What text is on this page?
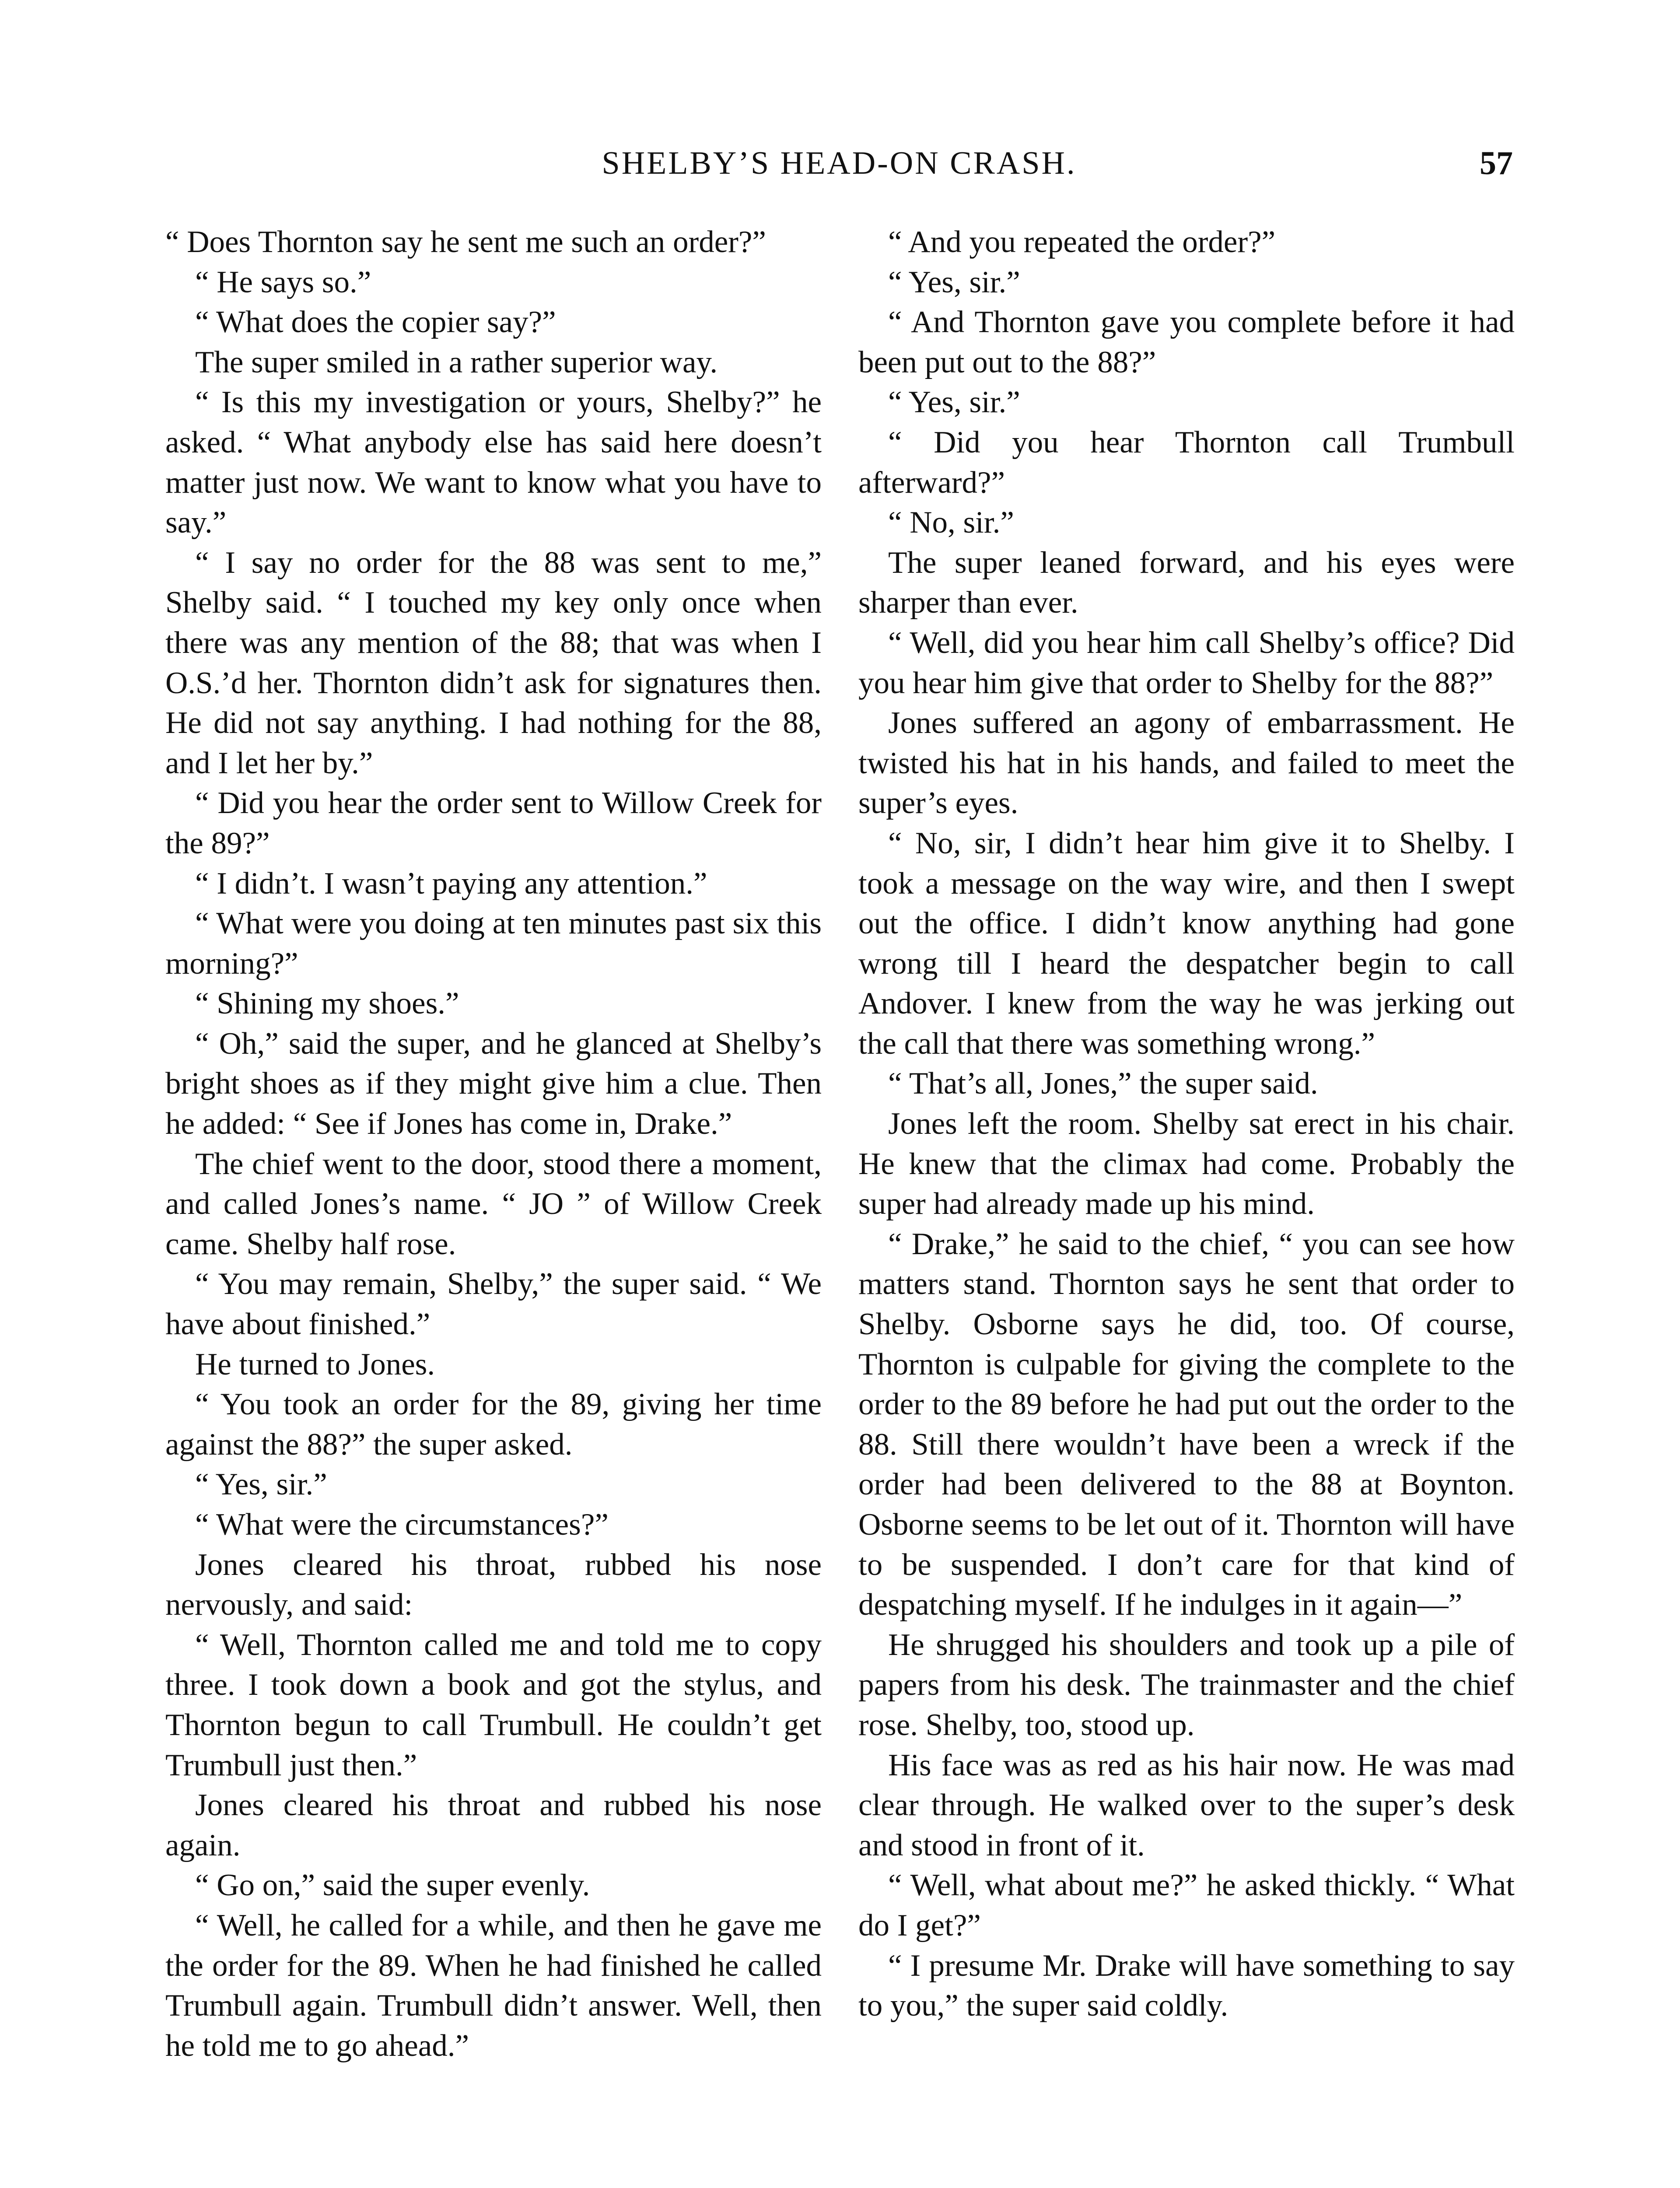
SHELBY’S HEAD-ON CRASH.	57

“ Does Thornton say he sent me such an order?”

“ He says so.”

“ What does the copier say?”

The super smiled in a rather superior way.

“ Is this my investigation or yours, Shelby?” he asked. “ What anybody else has said here doesn’t matter just now. We want to know what you have to say.”

“ I say no order for the 88 was sent to me,” Shelby said. “ I touched my key only once when there was any mention of the 88; that was when I O.S.’d her. Thornton didn’t ask for signatures then. He did not say anything. I had nothing for the 88, and I let her by.”

“ Did you hear the order sent to Willow Creek for the 89?”

“ I didn’t. I wasn’t paying any attention.”

“ What were you doing at ten minutes past six this morning?”

“ Shining my shoes.”

“ Oh,” said the super, and he glanced at Shelby’s bright shoes as if they might give him a clue. Then he added: “ See if Jones has come in, Drake.”

The chief went to the door, stood there a moment, and called Jones’s name. “ JO ” of Willow Creek came. Shelby half rose.

“ You may remain, Shelby,” the super said. “ We have about finished.”

He turned to Jones.

“ You took an order for the 89, giving her time against the 88?” the super asked.

“ Yes, sir.”

“ What were the circumstances?”

Jones cleared his throat, rubbed his nose nervously, and said:

“ Well, Thornton called me and told me to copy three. I took down a book and got the stylus, and Thornton begun to call Trumbull. He couldn’t get Trumbull just then.”

Jones cleared his throat and rubbed his nose again.

“ Go on,” said the super evenly.

“ Well, he called for a while, and then he gave me the order for the 89. When he had finished he called Trumbull again. Trumbull didn’t answer. Well, then he told me to go ahead.”

“ And you repeated the order?”

“ Yes, sir.”

“ And Thornton gave you complete before it had been put out to the 88?”

“ Yes, sir.”

“ Did you hear Thornton call Trumbull afterward?”

“ No, sir.”

The super leaned forward, and his eyes were sharper than ever.

“ Well, did you hear him call Shelby’s office? Did you hear him give that order to Shelby for the 88?”

Jones suffered an agony of embarrassment. He twisted his hat in his hands, and failed to meet the super’s eyes.

“ No, sir, I didn’t hear him give it to Shelby. I took a message on the way wire, and then I swept out the office. I didn’t know anything had gone wrong till I heard the despatcher begin to call Andover. I knew from the way he was jerking out the call that there was something wrong.”

“ That’s all, Jones,” the super said.

Jones left the room. Shelby sat erect in his chair. He knew that the climax had come. Probably the super had already made up his mind.

“ Drake,” he said to the chief, “ you can see how matters stand. Thornton says he sent that order to Shelby. Osborne says he did, too. Of course, Thornton is culpable for giving the complete to the order to the 89 before he had put out the order to the 88. Still there wouldn’t have been a wreck if the order had been delivered to the 88 at Boynton. Osborne seems to be let out of it. Thornton will have to be suspended. I don’t care for that kind of despatching myself. If he indulges in it again—”

He shrugged his shoulders and took up a pile of papers from his desk. The trainmaster and the chief rose. Shelby, too, stood up.

His face was as red as his hair now. He was mad clear through. He walked over to the super’s desk and stood in front of it.

“ Well, what about me?” he asked thickly. “ What do I get?”

“ I presume Mr. Drake will have something to say to you,” the super said coldly.
